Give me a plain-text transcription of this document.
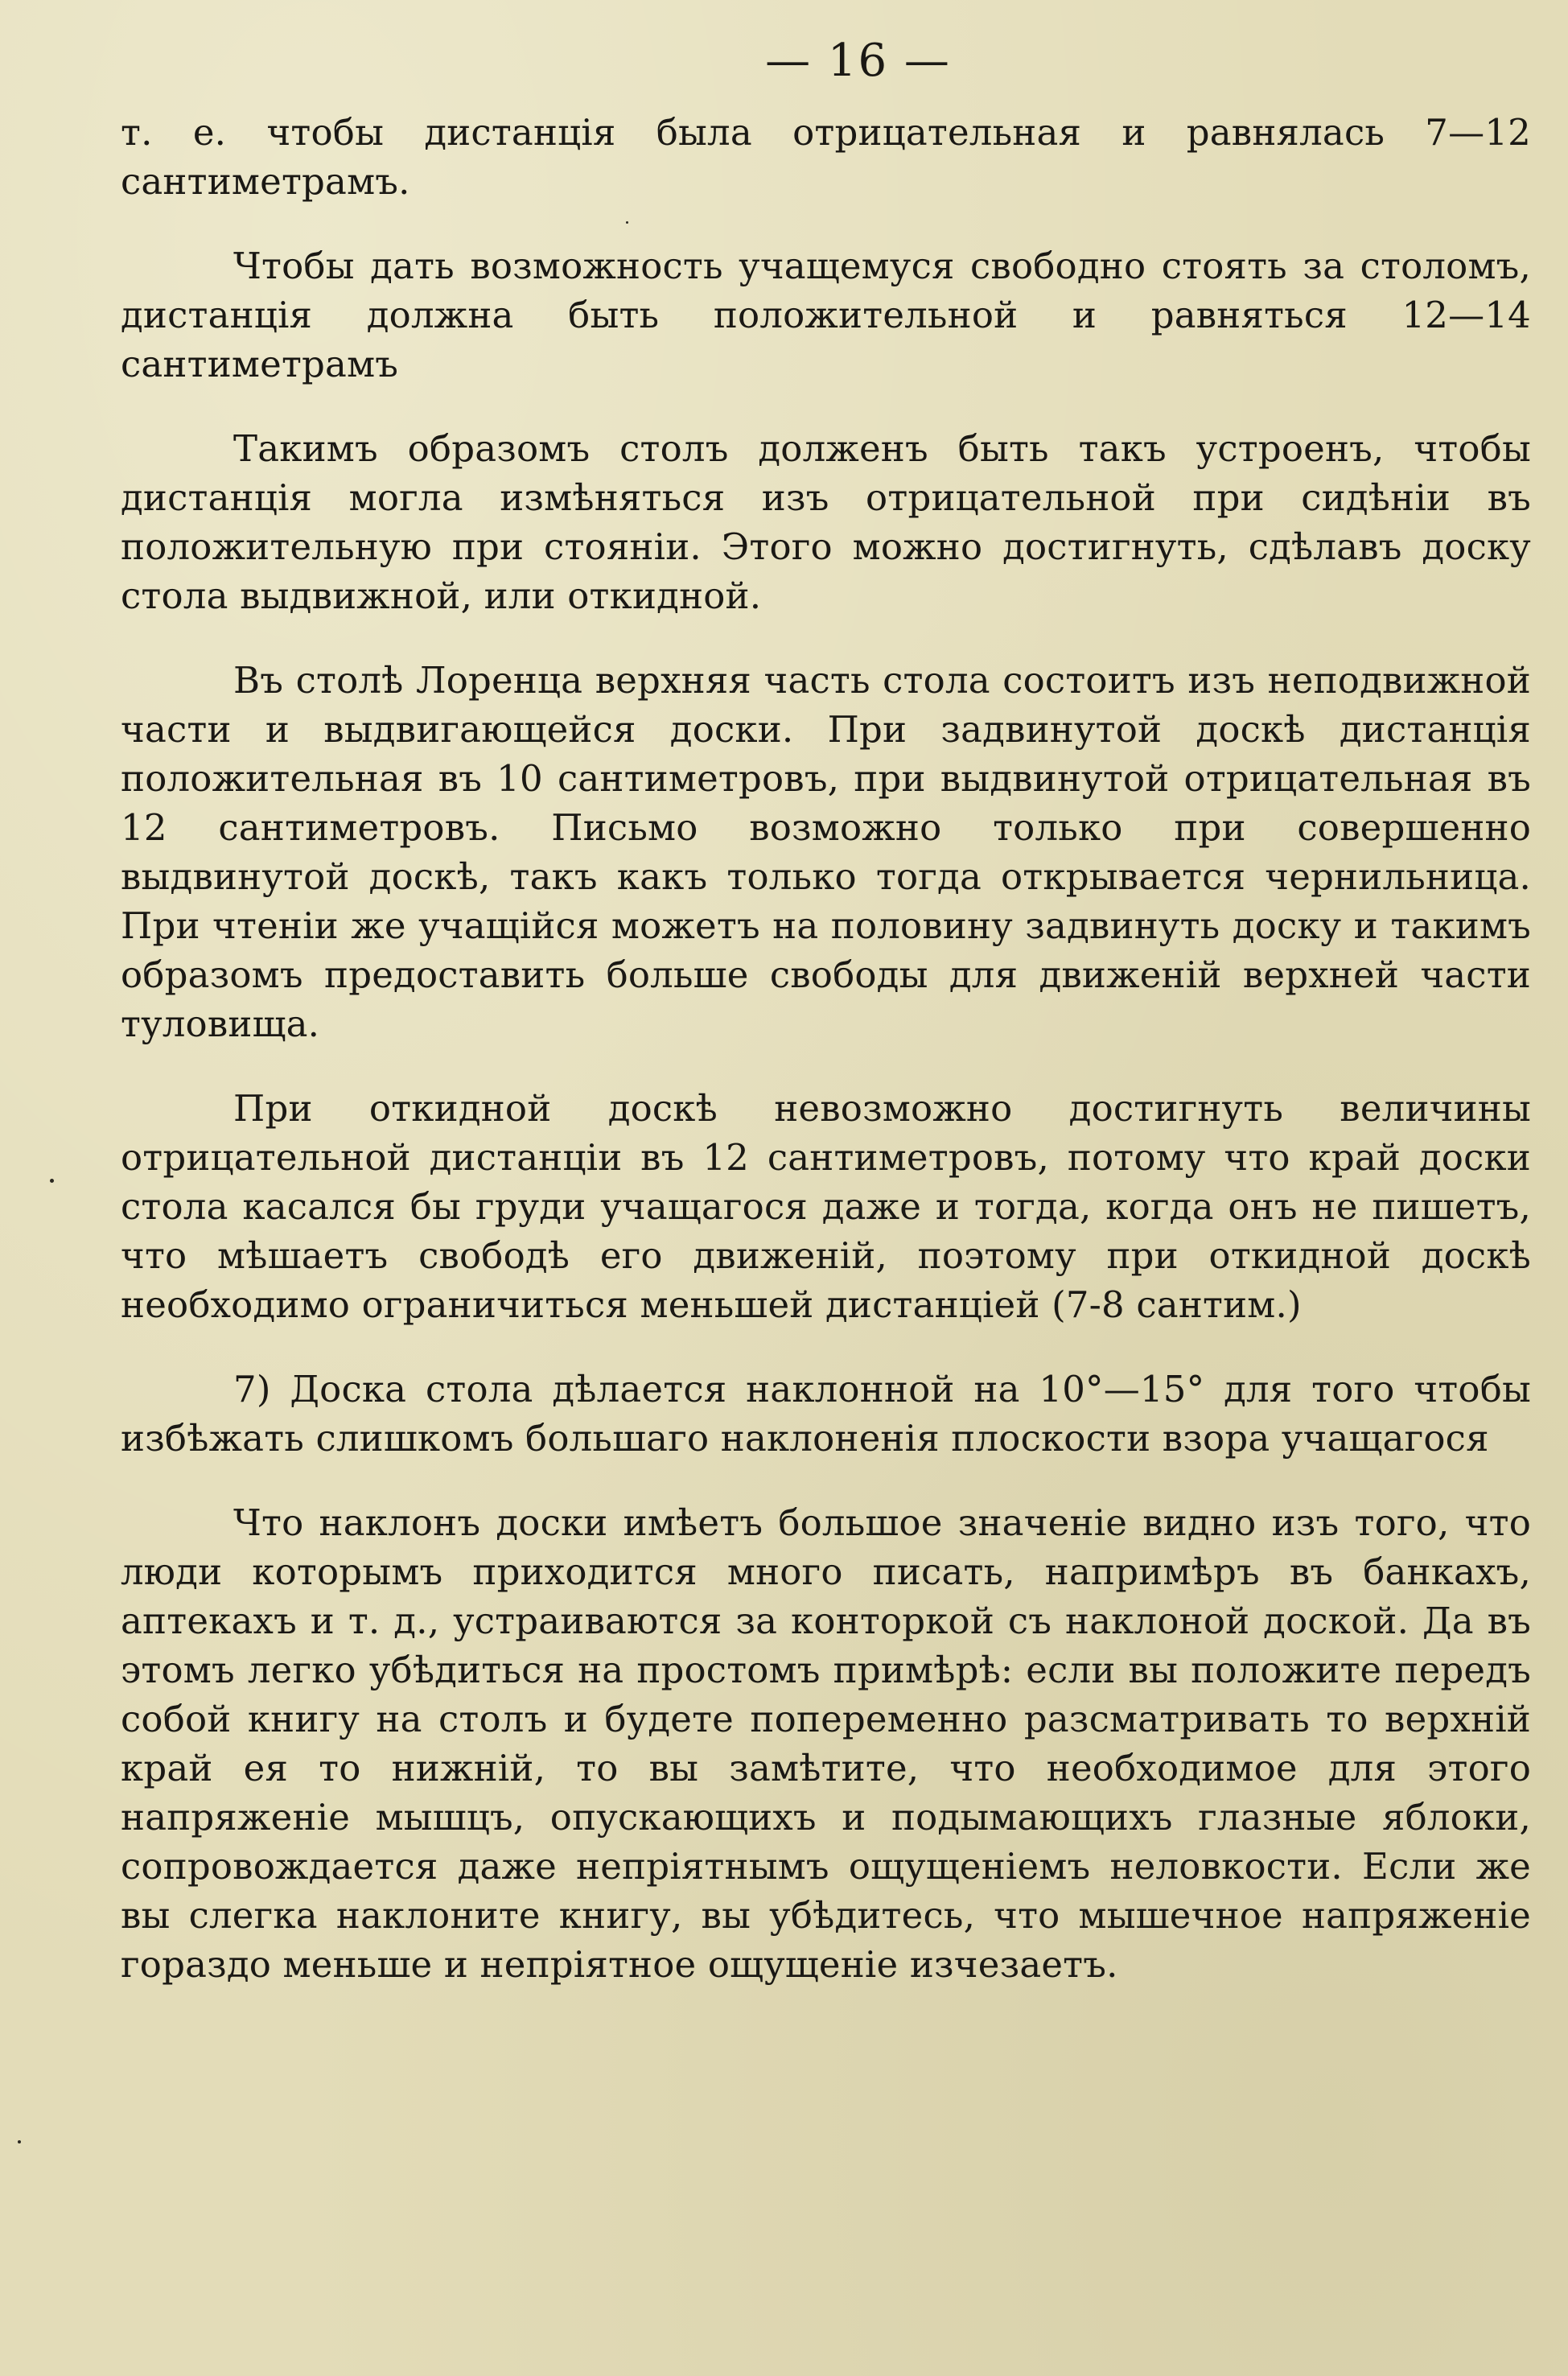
— 16 —

т. е. чтобы дистанція была отрицательная и равнялась 7—12 сантиметрамъ.

Чтобы дать возможность учащемуся свободно стоять за столомъ, дистанція должна быть положительной и равняться 12—14 сантиметрамъ

Такимъ образомъ столъ долженъ быть такъ устроенъ, чтобы дистанція могла измѣняться изъ отрицательной при сидѣніи въ положительную при стояніи. Этого можно достигнуть, сдѣлавъ доску стола выдвижной, или откидной.

Въ столѣ Лоренца верхняя часть стола состоитъ изъ неподвижной части и выдвигающейся доски. При задвинутой доскѣ дистанція положительная въ 10 сантиметровъ, при выдвинутой отрицательная въ 12 сантиметровъ. Письмо возможно только при совершенно выдвинутой доскѣ, такъ какъ только тогда открывается чернильница. При чтеніи же учащійся можетъ на половину задвинуть доску и такимъ образомъ предоставить больше свободы для движеній верхней части туловища.

При откидной доскѣ невозможно достигнуть величины отрицательной дистанціи въ 12 сантиметровъ, потому что край доски стола касался бы груди учащагося даже и тогда, когда онъ не пишетъ, что мѣшаетъ свободѣ его движеній, поэтому при откидной доскѣ необходимо ограничиться меньшей дистанціей (7-8 сантим.)

7) Доска стола дѣлается наклонной на 10°—15° для того чтобы избѣжать слишкомъ большаго наклоненія плоскости взора учащагося

Что наклонъ доски имѣетъ большое значеніе видно изъ того, что люди которымъ приходится много писать, напримѣръ въ банкахъ, аптекахъ и т. д., устраиваются за конторкой съ наклоной доской. Да въ этомъ легко убѣдиться на простомъ примѣрѣ: если вы положите передъ собой книгу на столъ и будете попеременно разсматривать то верхній край ея то нижній, то вы замѣтите, что необходимое для этого напряженіе мышцъ, опускающихъ и подымающихъ глазные яблоки, сопровождается даже непріятнымъ ощущеніемъ неловкости. Если же вы слегка наклоните книгу, вы убѣдитесь, что мышечное напряженіе гораздо меньше и непріятное ощущеніе изчезаетъ.
